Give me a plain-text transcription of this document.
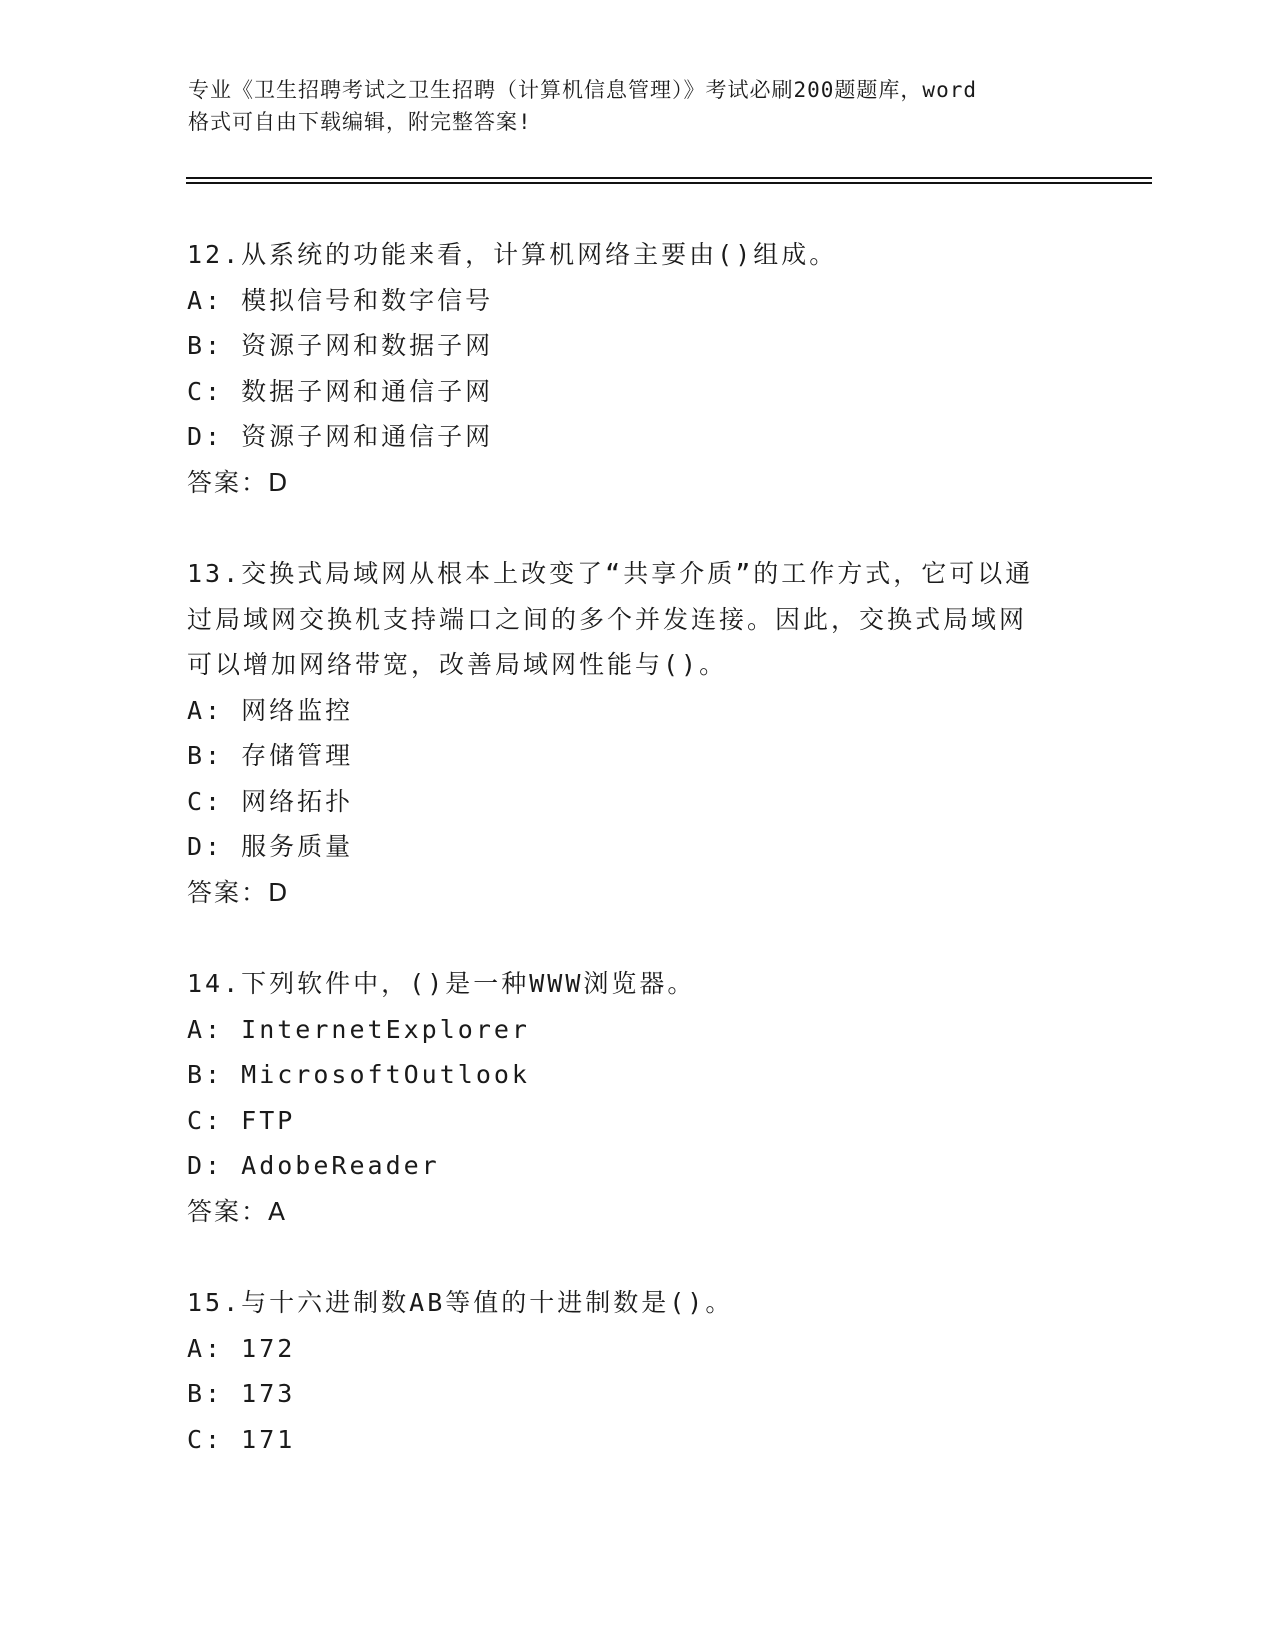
专业《卫生招聘考试之卫生招聘（计算机信息管理）》考试必刷200题题库，word
格式可自由下载编辑，附完整答案!

12.从系统的功能来看，计算机网络主要由()组成。

A: 模拟信号和数字信号

B: 资源子网和数据子网

C: 数据子网和通信子网

D: 资源子网和通信子网

答案：D

13.交换式局域网从根本上改变了“共享介质”的工作方式，它可以通

过局域网交换机支持端口之间的多个并发连接。因此，交换式局域网

可以增加网络带宽，改善局域网性能与()。

A: 网络监控

B: 存储管理

C: 网络拓扑

D: 服务质量

答案：D

14.下列软件中，()是一种WWW浏览器。

A: InternetExplorer

B: MicrosoftOutlook

C: FTP

D: AdobeReader

答案：A

15.与十六进制数AB等值的十进制数是()。

A: 172

B: 173

C: 171
